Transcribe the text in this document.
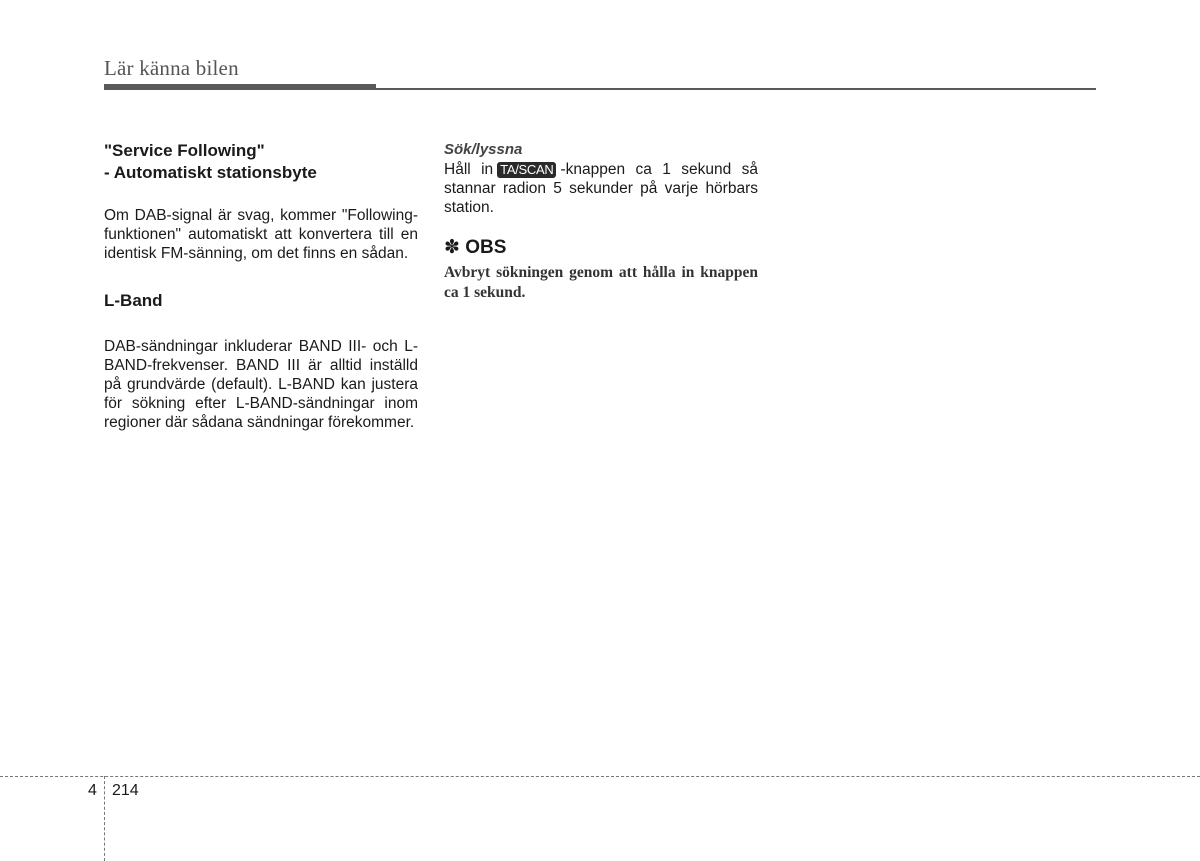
Lär känna bilen

"Service Following"
- Automatiskt stationsbyte

Om DAB-signal är svag, kommer "Following-funktionen" automatiskt att konvertera till en identisk FM-sänning, om det finns en sådan.

L-Band

DAB-sändningar inkluderar BAND III- och L-BAND-frekvenser. BAND III är alltid inställd på grundvärde (default). L-BAND kan justera för sökning efter L-BAND-sändningar inom regioner där sådana sändningar förekommer.

Sök/lyssna

Håll in TA/SCAN -knappen ca 1 sekund så stannar radion 5 sekunder på varje hörbars station.

✽ OBS

Avbryt sökningen genom att hålla in knappen ca 1 sekund.

4 214
